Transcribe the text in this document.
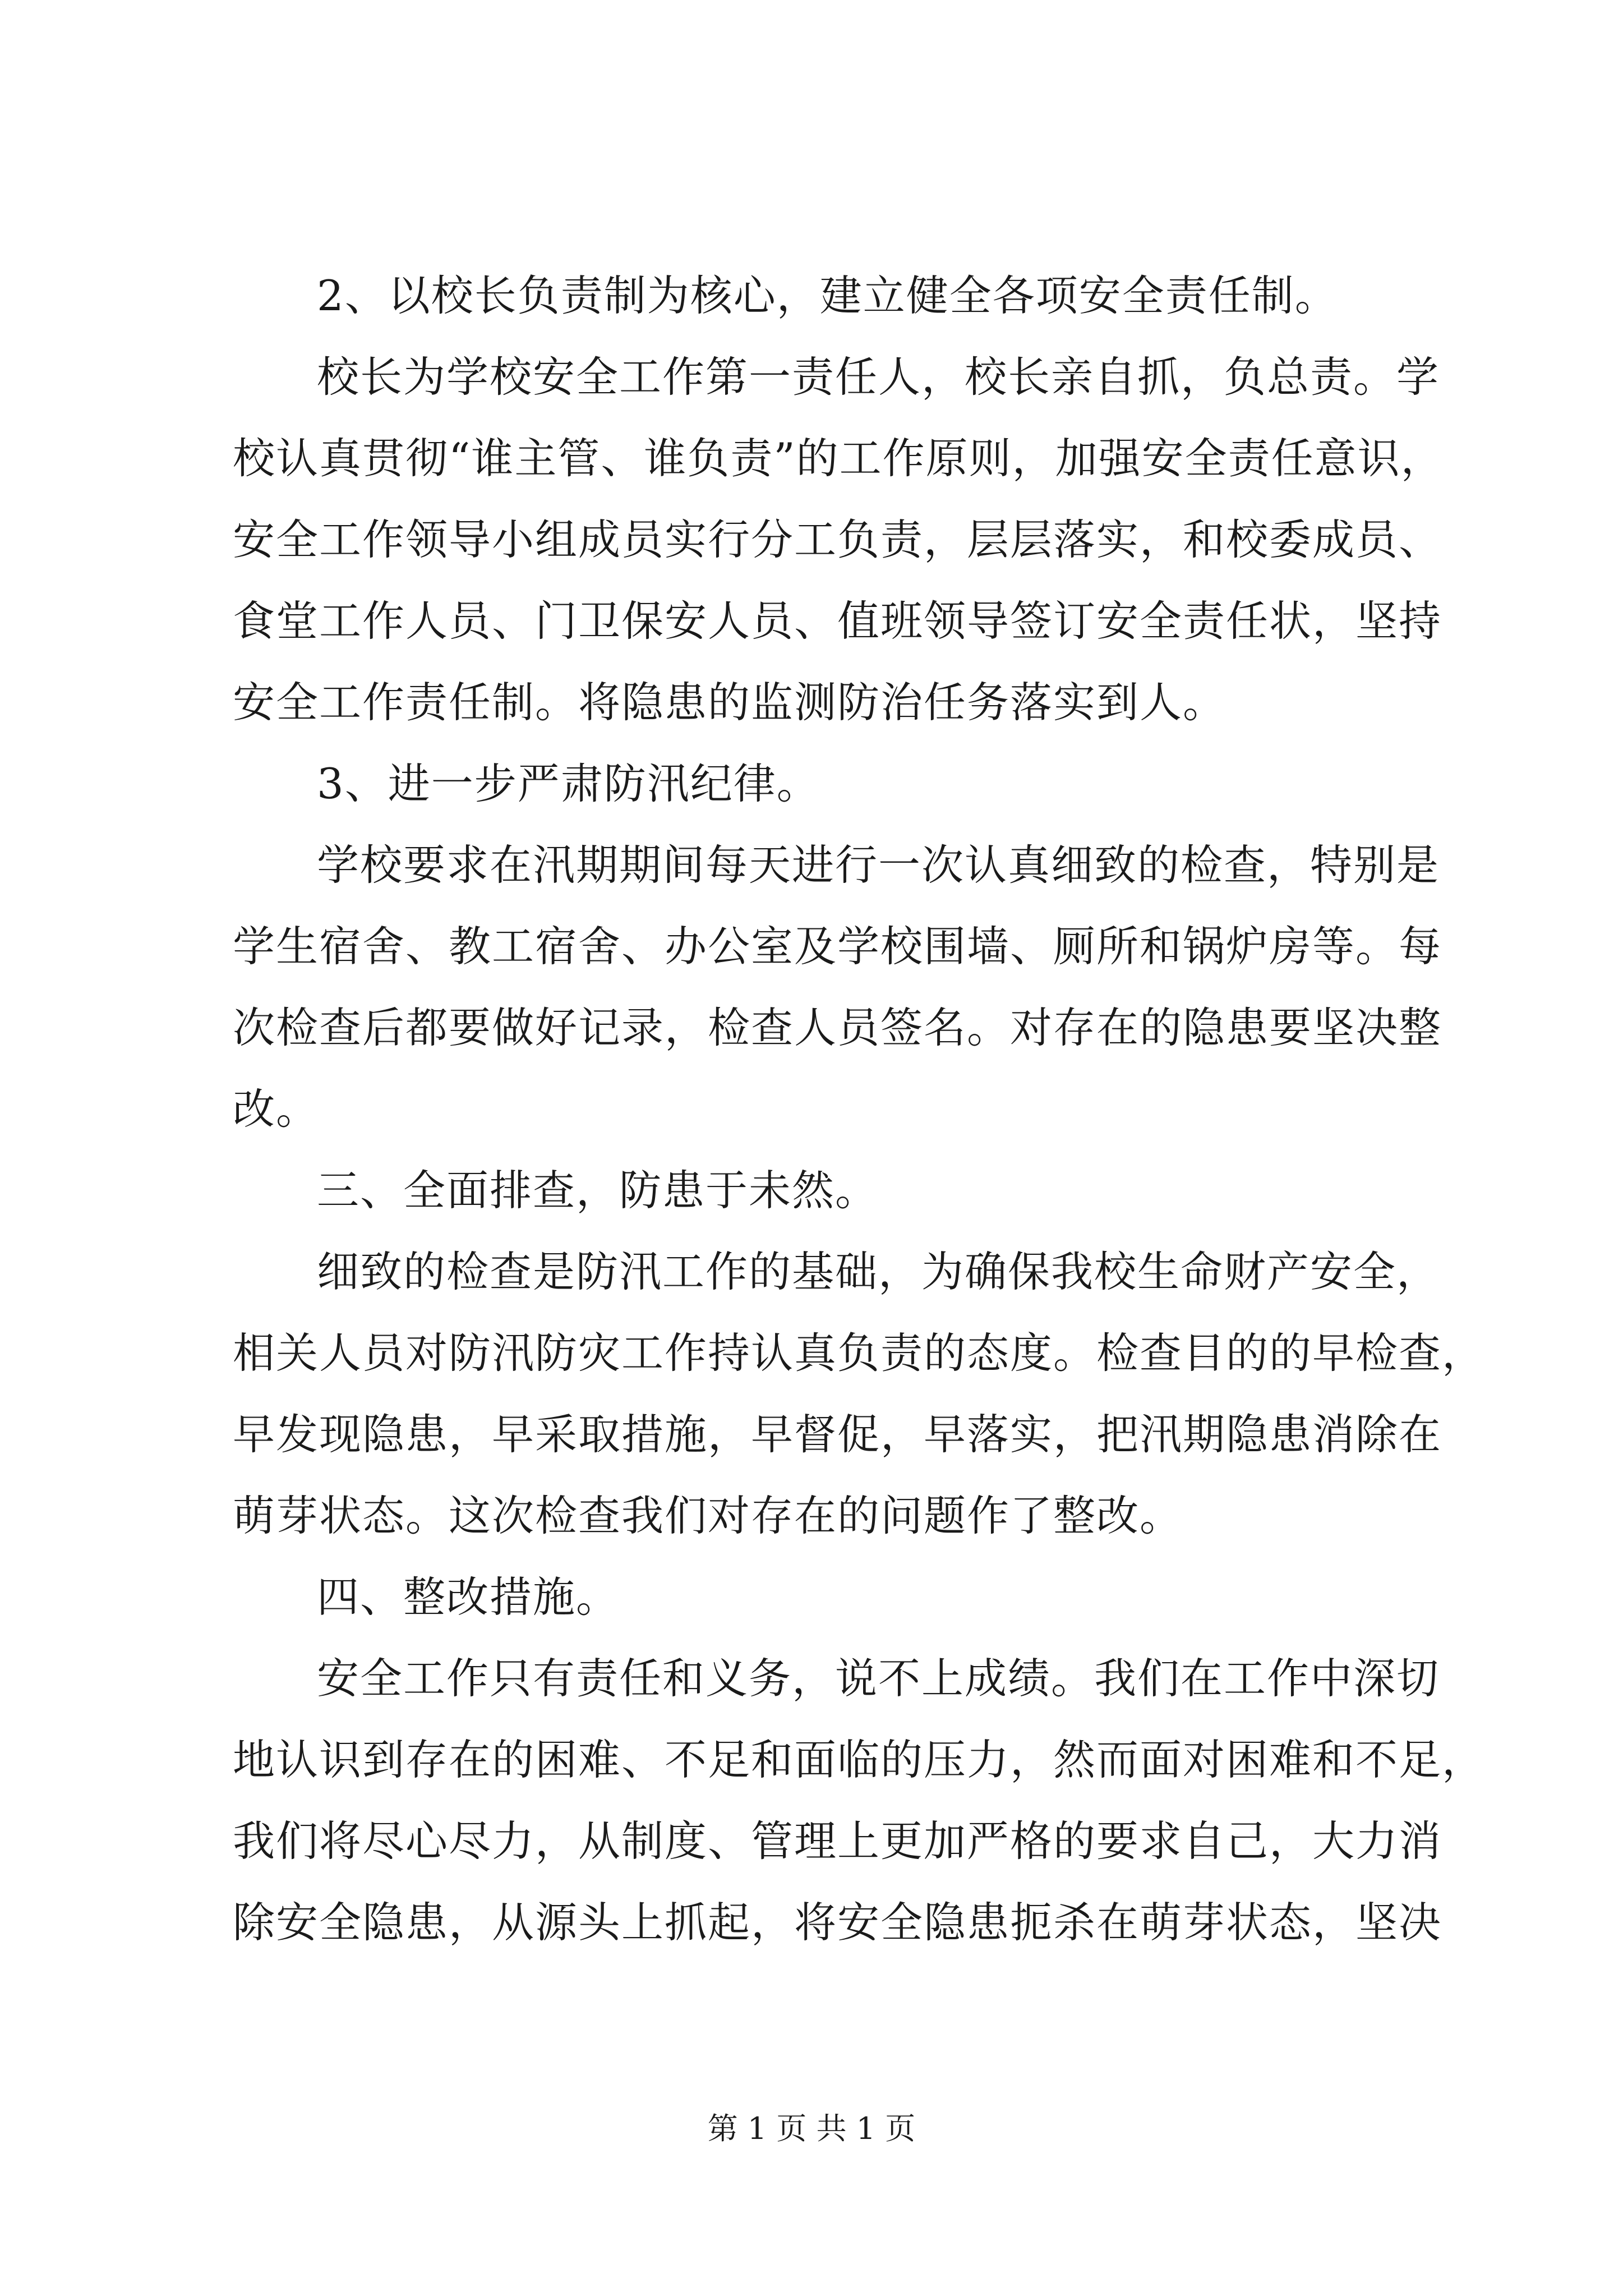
2、以校长负责制为核心，建立健全各项安全责任制。
校长为学校安全工作第一责任人，校长亲自抓，负总责。学
校认真贯彻“谁主管、谁负责”的工作原则，加强安全责任意识，
安全工作领导小组成员实行分工负责，层层落实，和校委成员、
食堂工作人员、门卫保安人员、值班领导签订安全责任状，坚持
安全工作责任制。将隐患的监测防治任务落实到人。
3、进一步严肃防汛纪律。
学校要求在汛期期间每天进行一次认真细致的检查，特别是
学生宿舍、教工宿舍、办公室及学校围墙、厕所和锅炉房等。每
次检查后都要做好记录，检查人员签名。对存在的隐患要坚决整
改。
三、全面排查，防患于未然。
细致的检查是防汛工作的基础，为确保我校生命财产安全，
相关人员对防汛防灾工作持认真负责的态度。检查目的的早检查，
早发现隐患，早采取措施，早督促，早落实，把汛期隐患消除在
萌芽状态。这次检查我们对存在的问题作了整改。
四、整改措施。
安全工作只有责任和义务，说不上成绩。我们在工作中深切
地认识到存在的困难、不足和面临的压力，然而面对困难和不足，
我们将尽心尽力，从制度、管理上更加严格的要求自己，大力消
除安全隐患，从源头上抓起，将安全隐患扼杀在萌芽状态，坚决
第 1 页 共 1 页
